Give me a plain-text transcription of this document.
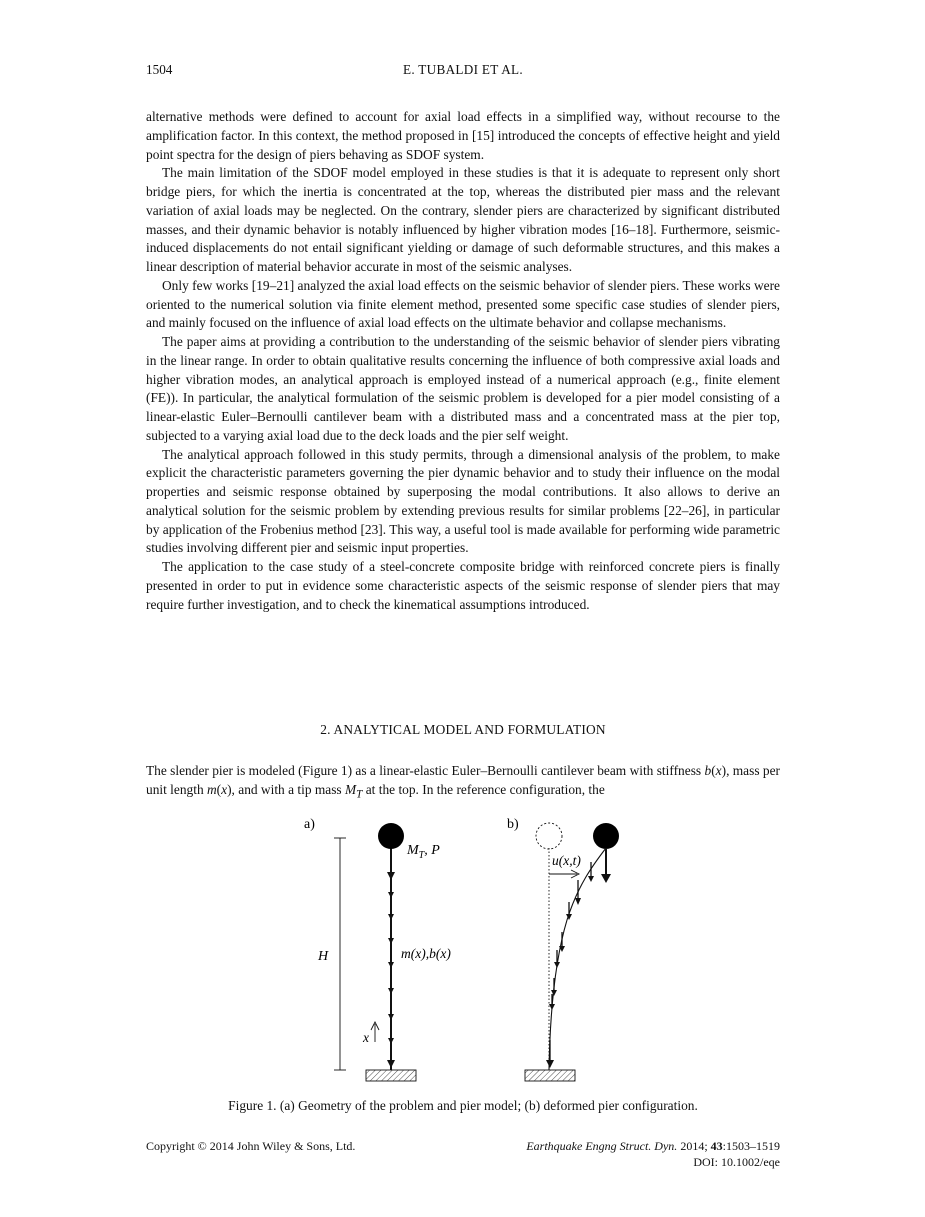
1504	E. TUBALDI ET AL.

alternative methods were defined to account for axial load effects in a simplified way, without recourse to the amplification factor. In this context, the method proposed in [15] introduced the concepts of effective height and yield point spectra for the design of piers behaving as SDOF system.

The main limitation of the SDOF model employed in these studies is that it is adequate to represent only short bridge piers, for which the inertia is concentrated at the top, whereas the distributed pier mass and the relevant variation of axial loads may be neglected. On the contrary, slender piers are characterized by significant distributed masses, and their dynamic behavior is notably influenced by higher vibration modes [16–18]. Furthermore, seismic-induced displacements do not entail significant yielding or damage of such deformable structures, and this makes a linear description of material behavior accurate in most of the seismic analyses.

Only few works [19–21] analyzed the axial load effects on the seismic behavior of slender piers. These works were oriented to the numerical solution via finite element method, presented some specific case studies of slender piers, and mainly focused on the influence of axial load effects on the ultimate behavior and collapse mechanisms.

The paper aims at providing a contribution to the understanding of the seismic behavior of slender piers vibrating in the linear range. In order to obtain qualitative results concerning the influence of both compressive axial loads and higher vibration modes, an analytical approach is employed instead of a numerical approach (e.g., finite element (FE)). In particular, the analytical formulation of the seismic problem is developed for a pier model consisting of a linear-elastic Euler–Bernoulli cantilever beam with a distributed mass and a concentrated mass at the pier top, subjected to a varying axial load due to the deck loads and the pier self weight.

The analytical approach followed in this study permits, through a dimensional analysis of the problem, to make explicit the characteristic parameters governing the pier dynamic behavior and to study their influence on the modal properties and seismic response obtained by superposing the modal contributions. It also allows to derive an analytical solution for the seismic problem by extending previous results for similar problems [22–26], in particular by application of the Frobenius method [23]. This way, a useful tool is made available for performing wide parametric studies involving different pier and seismic input properties.

The application to the case study of a steel-concrete composite bridge with reinforced concrete piers is finally presented in order to put in evidence some characteristic aspects of the seismic response of slender piers that may require further investigation, and to check the kinematical assumptions introduced.

2. ANALYTICAL MODEL AND FORMULATION

The slender pier is modeled (Figure 1) as a linear-elastic Euler–Bernoulli cantilever beam with stiffness b(x), mass per unit length m(x), and with a tip mass $M_T$ at the top. In the reference configuration, the

a)
H
$M_T$, P
m(x),b(x)
x
b)
u(x,t)
Figure 1. (a) Geometry of the problem and pier model; (b) deformed pier configuration.
Copyright © 2014 John Wiley & Sons, Ltd.	Earthquake Engng Struct. Dyn. 2014; 43:1503–1519
DOI: 10.1002/eqe
